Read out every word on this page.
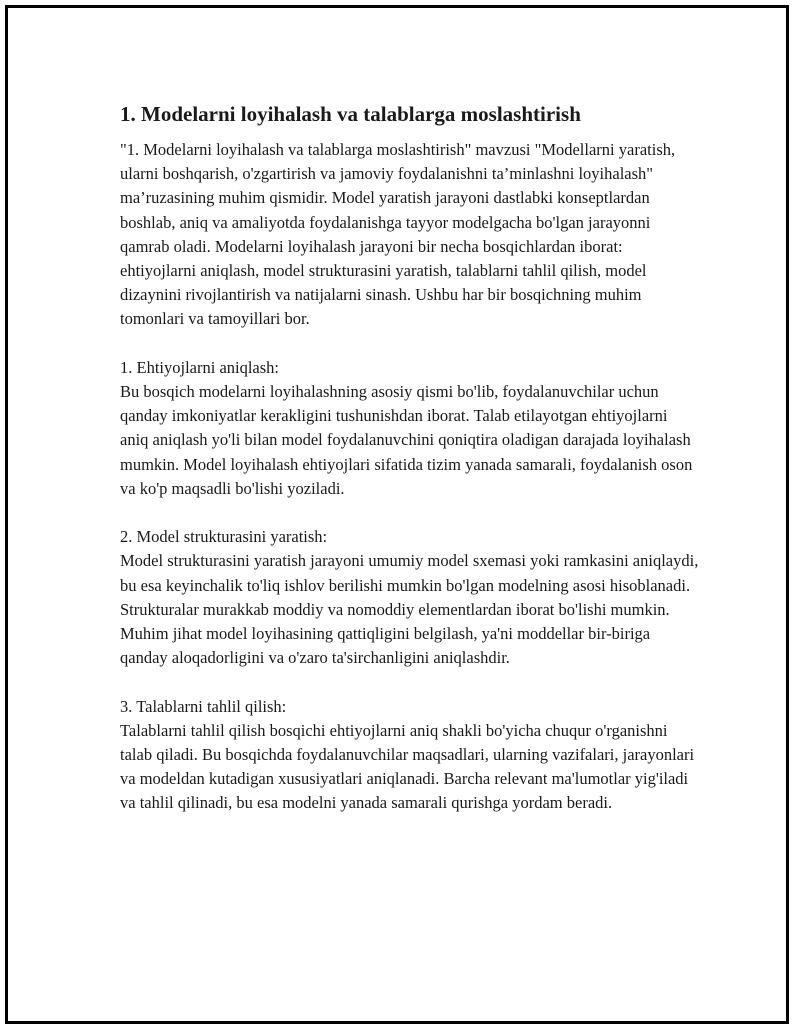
1. Modelarni loyihalash va talablarga moslashtirish

"1. Modelarni loyihalash va talablarga moslashtirish" mavzusi "Modellarni yaratish, ularni boshqarish, o'zgartirish va jamoviy foydalanishni ta’minlashni loyihalash" ma’ruzasining muhim qismidir. Model yaratish jarayoni dastlabki konseptlardan boshlab, aniq va amaliyotda foydalanishga tayyor modelgacha bo'lgan jarayonni qamrab oladi. Modelarni loyihalash jarayoni bir necha bosqichlardan iborat: ehtiyojlarni aniqlash, model strukturasini yaratish, talablarni tahlil qilish, model dizaynini rivojlantirish va natijalarni sinash. Ushbu har bir bosqichning muhim tomonlari va tamoyillari bor.

1. Ehtiyojlarni aniqlash:
Bu bosqich modelarni loyihalashning asosiy qismi bo'lib, foydalanuvchilar uchun qanday imkoniyatlar kerakligini tushunishdan iborat. Talab etilayotgan ehtiyojlarni aniq aniqlash yo'li bilan model foydalanuvchini qoniqtira oladigan darajada loyihalash mumkin. Model loyihalash ehtiyojlari sifatida tizim yanada samarali, foydalanish oson va ko'p maqsadli bo'lishi yoziladi.

2. Model strukturasini yaratish:
Model strukturasini yaratish jarayoni umumiy model sxemasi yoki ramkasini aniqlaydi, bu esa keyinchalik to'liq ishlov berilishi mumkin bo'lgan modelning asosi hisoblanadi. Strukturalar murakkab moddiy va nomoddiy elementlardan iborat bo'lishi mumkin. Muhim jihat model loyihasining qattiqligini belgilash, ya'ni moddellar bir-biriga qanday aloqadorligini va o'zaro ta'sirchanligini aniqlashdir.

3. Talablarni tahlil qilish:
Talablarni tahlil qilish bosqichi ehtiyojlarni aniq shakli bo'yicha chuqur o'rganishni talab qiladi. Bu bosqichda foydalanuvchilar maqsadlari, ularning vazifalari, jarayonlari va modeldan kutadigan xususiyatlari aniqlanadi. Barcha relevant ma'lumotlar yig'iladi va tahlil qilinadi, bu esa modelni yanada samarali qurishga yordam beradi.
